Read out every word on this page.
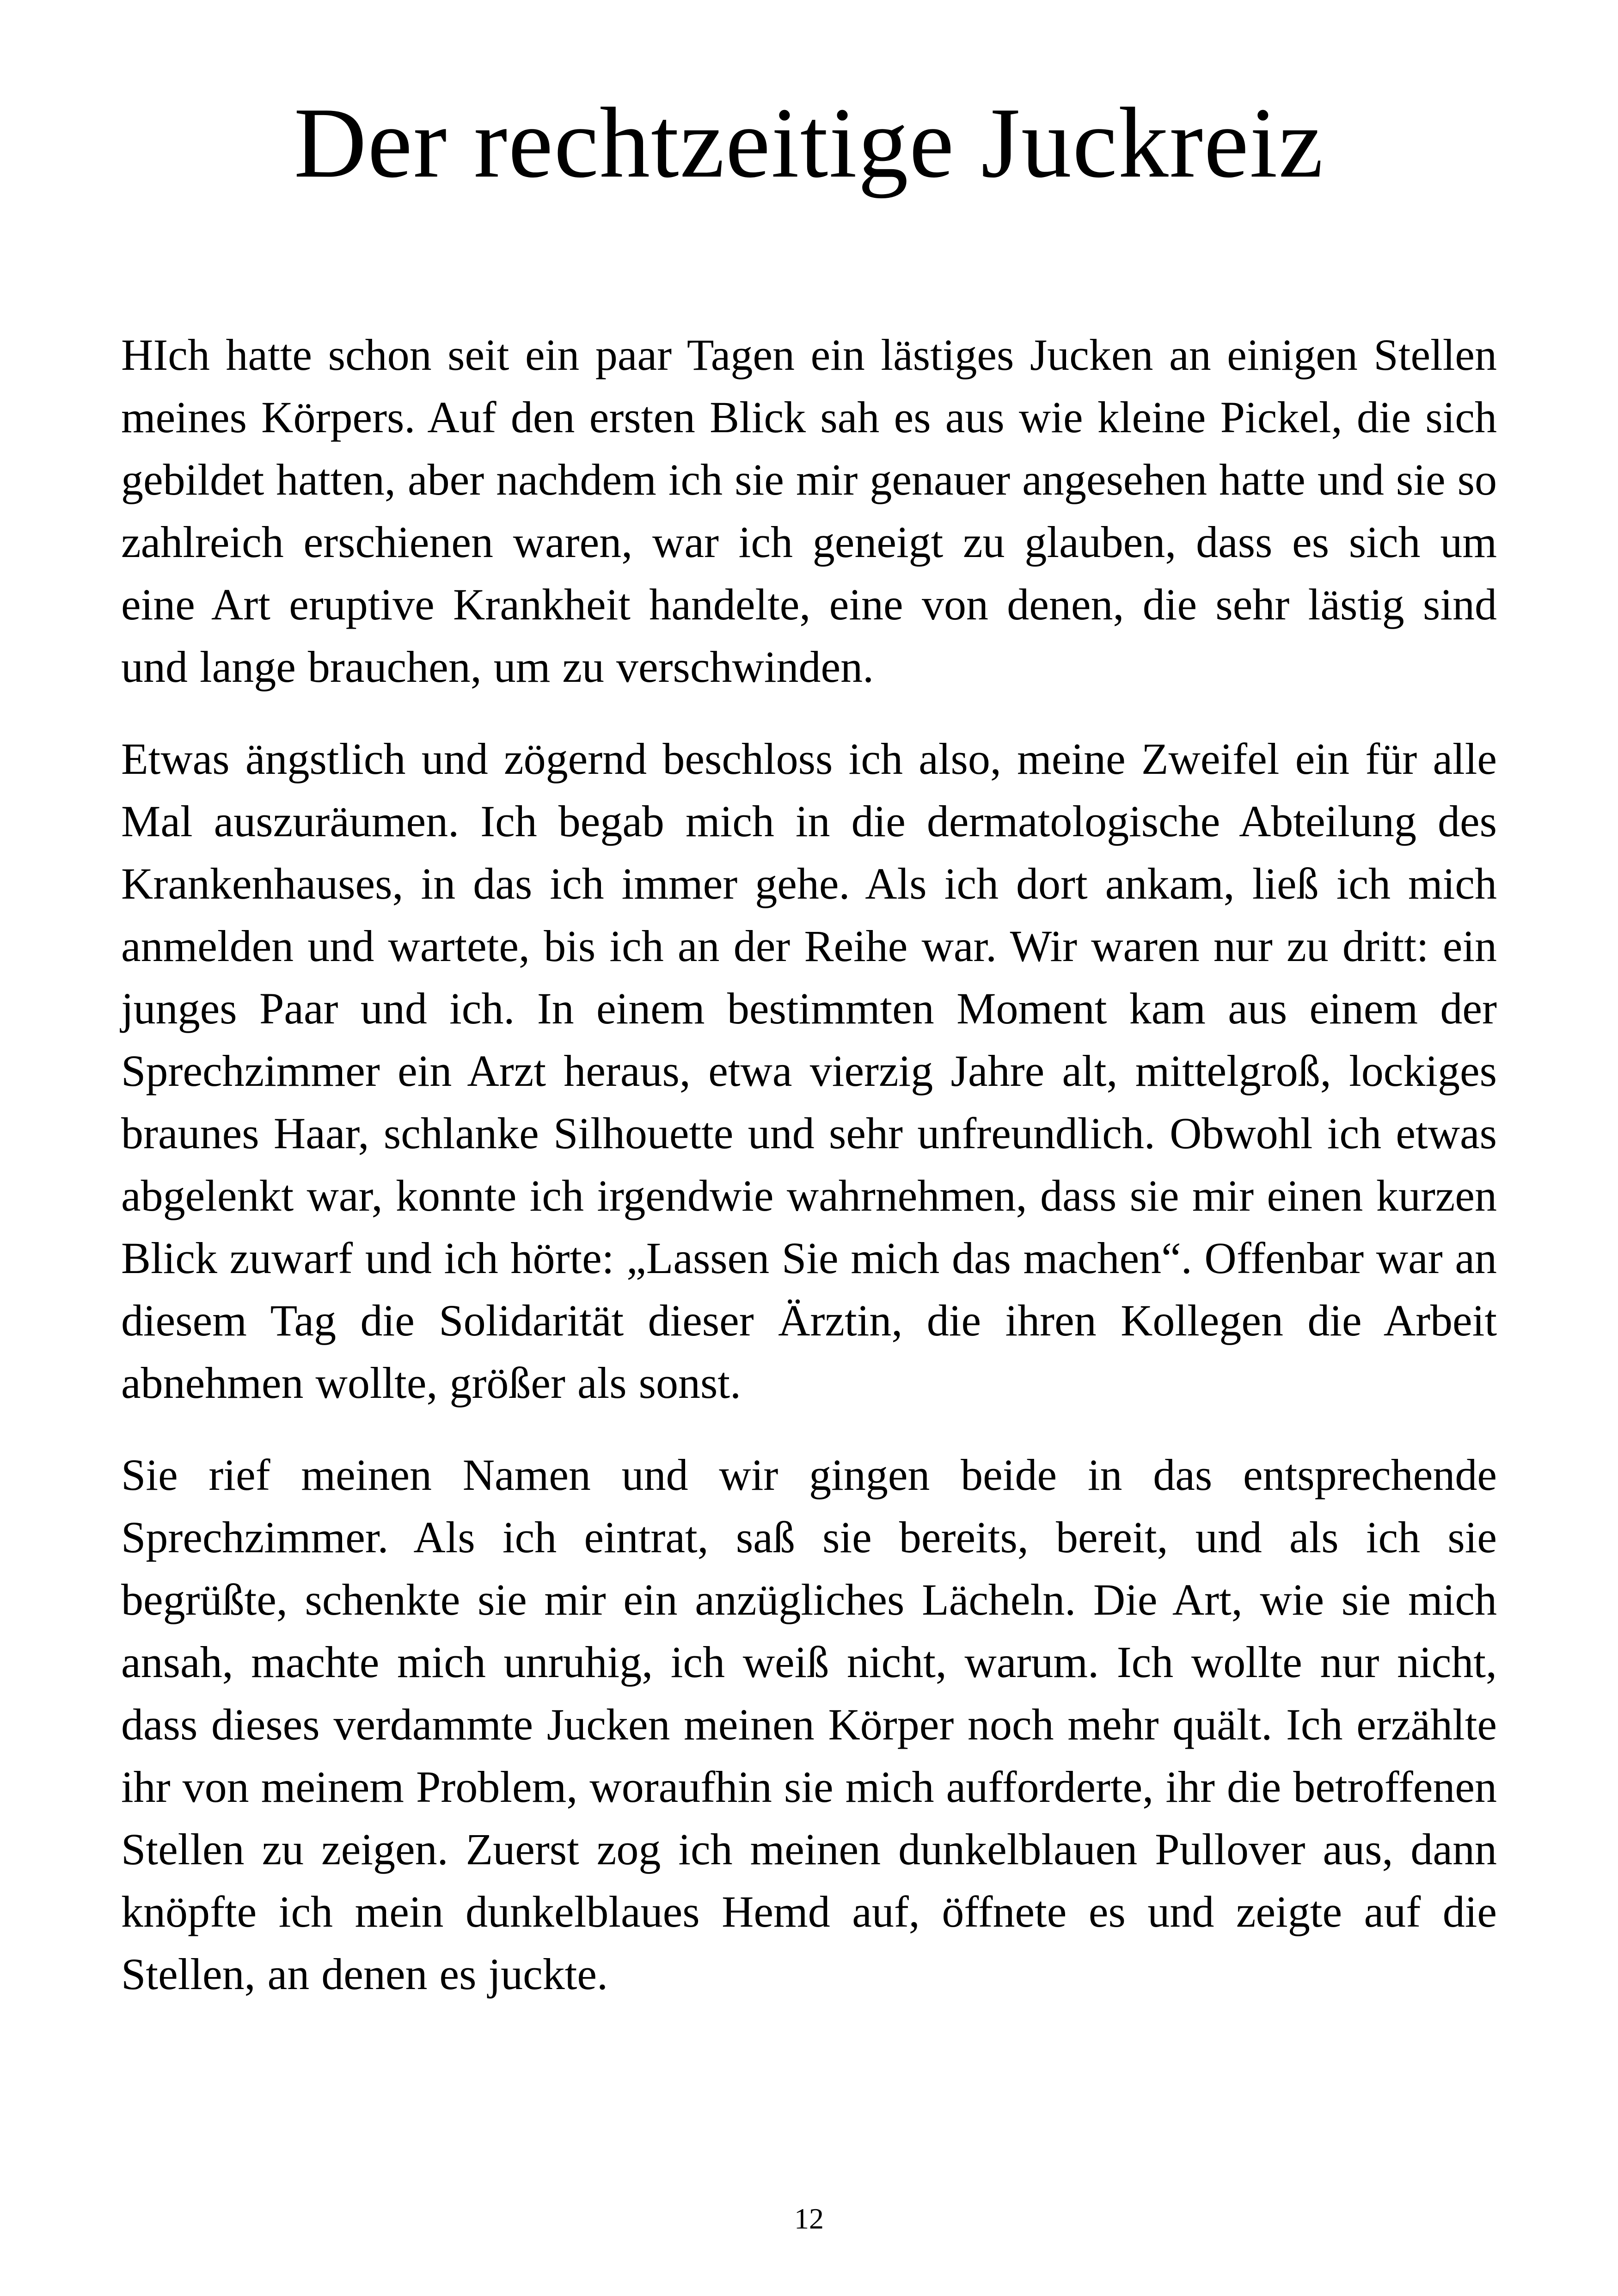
Der rechtzeitige Juckreiz

HIch hatte schon seit ein paar Tagen ein lästiges Jucken an einigen Stellen meines Körpers. Auf den ersten Blick sah es aus wie kleine Pickel, die sich gebildet hatten, aber nachdem ich sie mir genauer angesehen hatte und sie so zahlreich erschienen waren, war ich geneigt zu glauben, dass es sich um eine Art eruptive Krankheit handelte, eine von denen, die sehr lästig sind und lange brauchen, um zu verschwinden.

Etwas ängstlich und zögernd beschloss ich also, meine Zweifel ein für alle Mal auszuräumen. Ich begab mich in die dermatologische Abteilung des Krankenhauses, in das ich immer gehe. Als ich dort ankam, ließ ich mich anmelden und wartete, bis ich an der Reihe war. Wir waren nur zu dritt: ein junges Paar und ich. In einem bestimmten Moment kam aus einem der Sprechzimmer ein Arzt heraus, etwa vierzig Jahre alt, mittelgroß, lockiges braunes Haar, schlanke Silhouette und sehr unfreundlich. Obwohl ich etwas abgelenkt war, konnte ich irgendwie wahrnehmen, dass sie mir einen kurzen Blick zuwarf und ich hörte: „Lassen Sie mich das machen“. Offenbar war an diesem Tag die Solidarität dieser Ärztin, die ihren Kollegen die Arbeit abnehmen wollte, größer als sonst.

Sie rief meinen Namen und wir gingen beide in das entsprechende Sprechzimmer. Als ich eintrat, saß sie bereits, bereit, und als ich sie begrüßte, schenkte sie mir ein anzügliches Lächeln. Die Art, wie sie mich ansah, machte mich unruhig, ich weiß nicht, warum. Ich wollte nur nicht, dass dieses verdammte Jucken meinen Körper noch mehr quält. Ich erzählte ihr von meinem Problem, woraufhin sie mich aufforderte, ihr die betroffenen Stellen zu zeigen. Zuerst zog ich meinen dunkelblauen Pullover aus, dann knöpfte ich mein dunkelblaues Hemd auf, öffnete es und zeigte auf die Stellen, an denen es juckte.

12
